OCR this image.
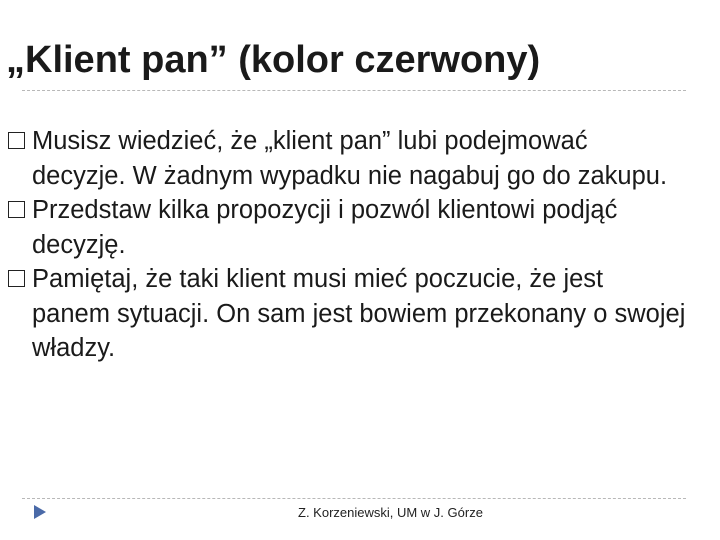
„Klient pan” (kolor czerwony)
Musisz wiedzieć, że „klient pan” lubi podejmować decyzje. W żadnym wypadku nie nagabuj go do zakupu.
Przedstaw kilka propozycji i pozwól klientowi podjąć decyzję.
Pamiętaj, że taki klient musi mieć poczucie, że jest panem sytuacji. On sam jest bowiem przekonany o swojej władzy.
Z. Korzeniewski, UM w J. Górze
